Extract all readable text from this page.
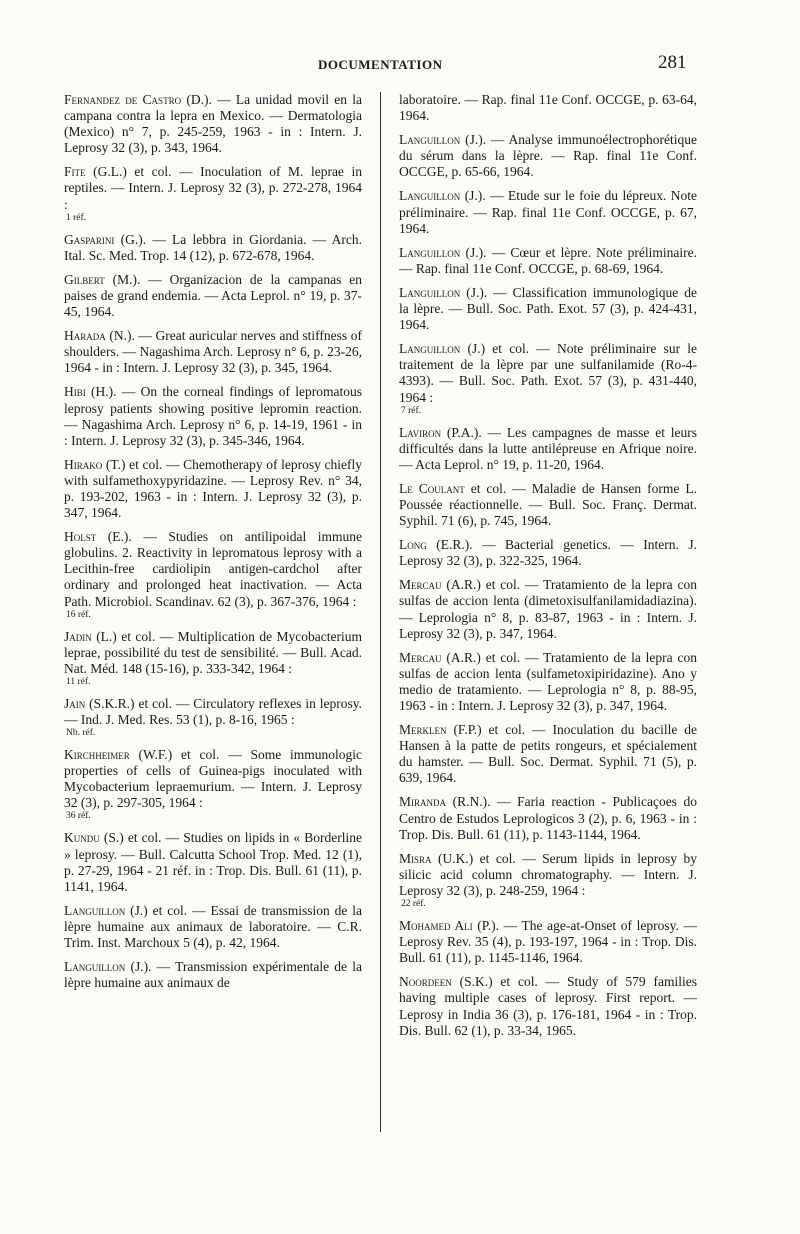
DOCUMENTATION	281

Fernandez de Castro (D.). — La unidad movil en la campana contra la lepra en Mexico. — Dermatologia (Mexico) n° 7, p. 245-259, 1963 - in : Intern. J. Leprosy 32 (3), p. 343, 1964.

Fite (G.L.) et col. — Inoculation of M. leprae in reptiles. — Intern. J. Leprosy 32 (3), p. 272-278, 1964 :
1 réf.

Gasparini (G.). — La lebbra in Giordania. — Arch. Ital. Sc. Med. Trop. 14 (12), p. 672-678, 1964.

Gilbert (M.). — Organizacion de la campanas en paises de grand endemia. — Acta Leprol. n° 19, p. 37-45, 1964.

Harada (N.). — Great auricular nerves and stiffness of shoulders. — Nagashima Arch. Leprosy n° 6, p. 23-26, 1964 - in : Intern. J. Leprosy 32 (3), p. 345, 1964.

Hibi (H.). — On the corneal findings of lepromatous leprosy patients showing positive lepromin reaction. — Nagashima Arch. Leprosy n° 6, p. 14-19, 1961 - in : Intern. J. Leprosy 32 (3), p. 345-346, 1964.

Hirako (T.) et col. — Chemotherapy of leprosy chiefly with sulfamethoxypyridazine. — Leprosy Rev. n° 34, p. 193-202, 1963 - in : Intern. J. Leprosy 32 (3), p. 347, 1964.

Holst (E.). — Studies on antilipoidal immune globulins. 2. Reactivity in lepromatous leprosy with a Lecithin-free cardiolipin antigen-cardchol after ordinary and prolonged heat inactivation. — Acta Path. Microbiol. Scandinav. 62 (3), p. 367-376, 1964 :
16 réf.

Jadin (L.) et col. — Multiplication de Mycobacterium leprae, possibilité du test de sensibilité. — Bull. Acad. Nat. Méd. 148 (15-16), p. 333-342, 1964 :
11 réf.

Jain (S.K.R.) et col. — Circulatory reflexes in leprosy. — Ind. J. Med. Res. 53 (1), p. 8-16, 1965 :
Nb. réf.

Kirchheimer (W.F.) et col. — Some immunologic properties of cells of Guinea-pigs inoculated with Mycobacterium lepraemurium. — Intern. J. Leprosy 32 (3), p. 297-305, 1964 :
36 réf.

Kundu (S.) et col. — Studies on lipids in « Borderline » leprosy. — Bull. Calcutta School Trop. Med. 12 (1), p. 27-29, 1964 - 21 réf. in : Trop. Dis. Bull. 61 (11), p. 1141, 1964.

Languillon (J.) et col. — Essai de transmission de la lèpre humaine aux animaux de laboratoire. — C.R. Trim. Inst. Marchoux 5 (4), p. 42, 1964.

Languillon (J.). — Transmission expérimentale de la lèpre humaine aux animaux de

laboratoire. — Rap. final 11e Conf. OCCGE, p. 63-64, 1964.

Languillon (J.). — Analyse immunoélectrophorétique du sérum dans la lèpre. — Rap. final 11e Conf. OCCGE, p. 65-66, 1964.

Languillon (J.). — Etude sur le foie du lépreux. Note préliminaire. — Rap. final 11e Conf. OCCGE, p. 67, 1964.

Languillon (J.). — Cœur et lèpre. Note préliminaire. — Rap. final 11e Conf. OCCGE, p. 68-69, 1964.

Languillon (J.). — Classification immunologique de la lèpre. — Bull. Soc. Path. Exot. 57 (3), p. 424-431, 1964.

Languillon (J.) et col. — Note préliminaire sur le traitement de la lèpre par une sulfanilamide (Ro-4-4393). — Bull. Soc. Path. Exot. 57 (3), p. 431-440, 1964 :
7 réf.

Laviron (P.A.). — Les campagnes de masse et leurs difficultés dans la lutte antilépreuse en Afrique noire. — Acta Leprol. n° 19, p. 11-20, 1964.

Le Coulant et col. — Maladie de Hansen forme L. Poussée réactionnelle. — Bull. Soc. Franç. Dermat. Syphil. 71 (6), p. 745, 1964.

Long (E.R.). — Bacterial genetics. — Intern. J. Leprosy 32 (3), p. 322-325, 1964.

Mercau (A.R.) et col. — Tratamiento de la lepra con sulfas de accion lenta (dimetoxisulfanilamidadiazina). — Leprologia n° 8, p. 83-87, 1963 - in : Intern. J. Leprosy 32 (3), p. 347, 1964.

Mercau (A.R.) et col. — Tratamiento de la lepra con sulfas de accion lenta (sulfametoxipiridazine). Ano y medio de tratamiento. — Leprologia n° 8, p. 88-95, 1963 - in : Intern. J. Leprosy 32 (3), p. 347, 1964.

Merklen (F.P.) et col. — Inoculation du bacille de Hansen à la patte de petits rongeurs, et spécialement du hamster. — Bull. Soc. Dermat. Syphil. 71 (5), p. 639, 1964.

Miranda (R.N.). — Faria reaction - Publicaçoes do Centro de Estudos Leprologicos 3 (2), p. 6, 1963 - in : Trop. Dis. Bull. 61 (11), p. 1143-1144, 1964.

Misra (U.K.) et col. — Serum lipids in leprosy by silicic acid column chromatography. — Intern. J. Leprosy 32 (3), p. 248-259, 1964 :
22 réf.

Mohamed Ali (P.). — The age-at-Onset of leprosy. — Leprosy Rev. 35 (4), p. 193-197, 1964 - in : Trop. Dis. Bull. 61 (11), p. 1145-1146, 1964.

Noordeen (S.K.) et col. — Study of 579 families having multiple cases of leprosy. First report. — Leprosy in India 36 (3), p. 176-181, 1964 - in : Trop. Dis. Bull. 62 (1), p. 33-34, 1965.
